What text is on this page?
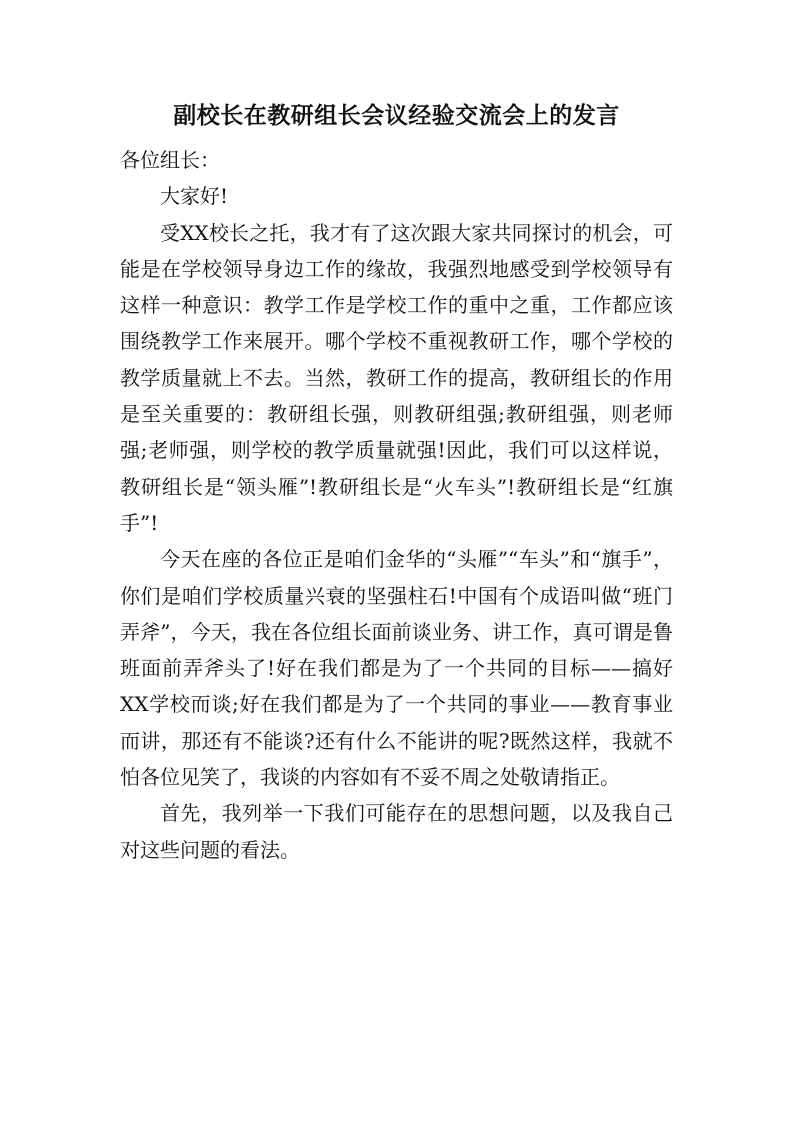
副校长在教研组长会议经验交流会上的发言

各位组长：

大家好!

受XX校长之托，我才有了这次跟大家共同探讨的机会，可能是在学校领导身边工作的缘故，我强烈地感受到学校领导有这样一种意识：教学工作是学校工作的重中之重，工作都应该围绕教学工作来展开。哪个学校不重视教研工作，哪个学校的教学质量就上不去。当然，教研工作的提高，教研组长的作用是至关重要的：教研组长强，则教研组强;教研组强，则老师强;老师强，则学校的教学质量就强!因此，我们可以这样说，教研组长是“领头雁”!教研组长是“火车头”!教研组长是“红旗手”!

今天在座的各位正是咱们金华的“头雁”“车头”和“旗手”，你们是咱们学校质量兴衰的坚强柱石!中国有个成语叫做“班门弄斧”，今天，我在各位组长面前谈业务、讲工作，真可谓是鲁班面前弄斧头了!好在我们都是为了一个共同的目标——搞好XX学校而谈;好在我们都是为了一个共同的事业——教育事业而讲，那还有不能谈?还有什么不能讲的呢?既然这样，我就不怕各位见笑了，我谈的内容如有不妥不周之处敬请指正。

首先，我列举一下我们可能存在的思想问题，以及我自己对这些问题的看法。
